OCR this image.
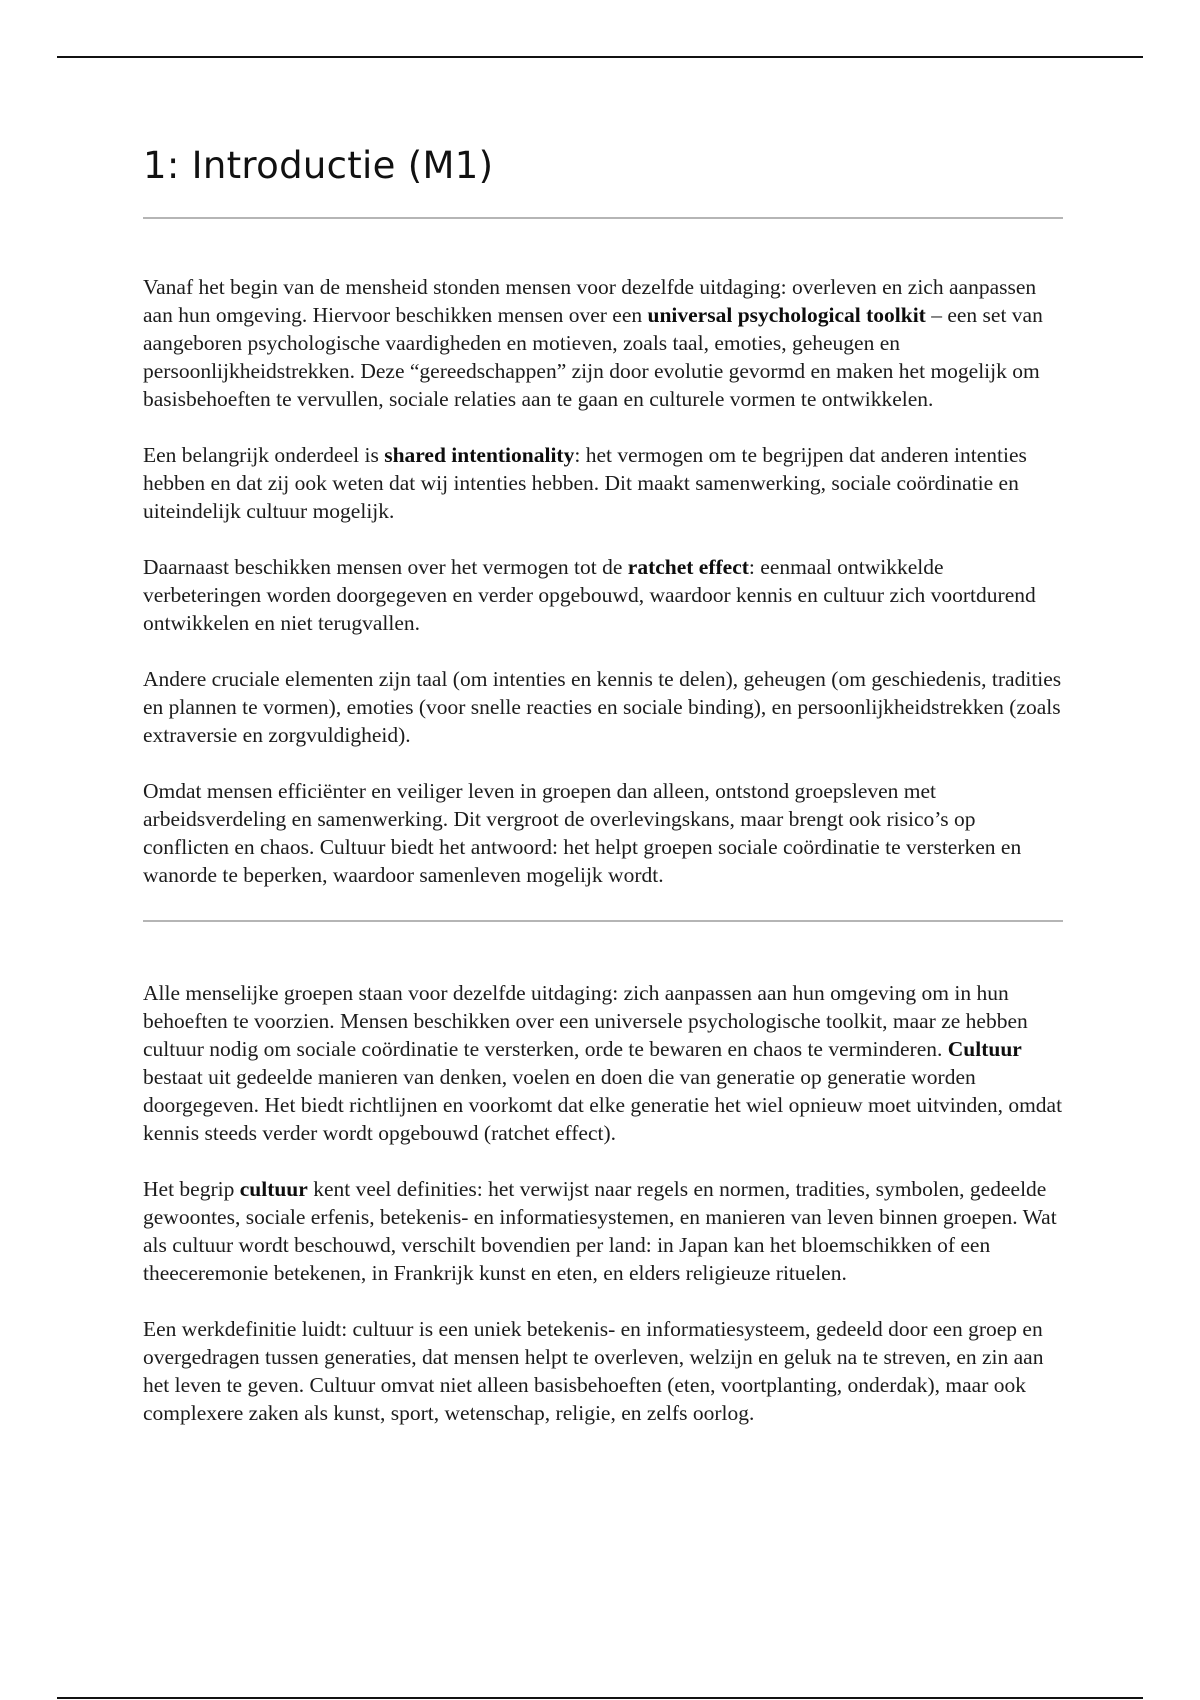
1: Introductie (M1)

Vanaf het begin van de mensheid stonden mensen voor dezelfde uitdaging: overleven en zich aanpassen aan hun omgeving. Hiervoor beschikken mensen over een universal psychological toolkit – een set van aangeboren psychologische vaardigheden en motieven, zoals taal, emoties, geheugen en persoonlijkheidstrekken. Deze “gereedschappen” zijn door evolutie gevormd en maken het mogelijk om basisbehoeften te vervullen, sociale relaties aan te gaan en culturele vormen te ontwikkelen.

Een belangrijk onderdeel is shared intentionality: het vermogen om te begrijpen dat anderen intenties hebben en dat zij ook weten dat wij intenties hebben. Dit maakt samenwerking, sociale coördinatie en uiteindelijk cultuur mogelijk.

Daarnaast beschikken mensen over het vermogen tot de ratchet effect: eenmaal ontwikkelde verbeteringen worden doorgegeven en verder opgebouwd, waardoor kennis en cultuur zich voortdurend ontwikkelen en niet terugvallen.

Andere cruciale elementen zijn taal (om intenties en kennis te delen), geheugen (om geschiedenis, tradities en plannen te vormen), emoties (voor snelle reacties en sociale binding), en persoonlijkheidstrekken (zoals extraversie en zorgvuldigheid).

Omdat mensen efficiënter en veiliger leven in groepen dan alleen, ontstond groepsleven met arbeidsverdeling en samenwerking. Dit vergroot de overlevingskans, maar brengt ook risico’s op conflicten en chaos. Cultuur biedt het antwoord: het helpt groepen sociale coördinatie te versterken en wanorde te beperken, waardoor samenleven mogelijk wordt.

Alle menselijke groepen staan voor dezelfde uitdaging: zich aanpassen aan hun omgeving om in hun behoeften te voorzien. Mensen beschikken over een universele psychologische toolkit, maar ze hebben cultuur nodig om sociale coördinatie te versterken, orde te bewaren en chaos te verminderen. Cultuur bestaat uit gedeelde manieren van denken, voelen en doen die van generatie op generatie worden doorgegeven. Het biedt richtlijnen en voorkomt dat elke generatie het wiel opnieuw moet uitvinden, omdat kennis steeds verder wordt opgebouwd (ratchet effect).

Het begrip cultuur kent veel definities: het verwijst naar regels en normen, tradities, symbolen, gedeelde gewoontes, sociale erfenis, betekenis- en informatiesystemen, en manieren van leven binnen groepen. Wat als cultuur wordt beschouwd, verschilt bovendien per land: in Japan kan het bloemschikken of een theeceremonie betekenen, in Frankrijk kunst en eten, en elders religieuze rituelen.

Een werkdefinitie luidt: cultuur is een uniek betekenis- en informatiesysteem, gedeeld door een groep en overgedragen tussen generaties, dat mensen helpt te overleven, welzijn en geluk na te streven, en zin aan het leven te geven. Cultuur omvat niet alleen basisbehoeften (eten, voortplanting, onderdak), maar ook complexere zaken als kunst, sport, wetenschap, religie, en zelfs oorlog.
